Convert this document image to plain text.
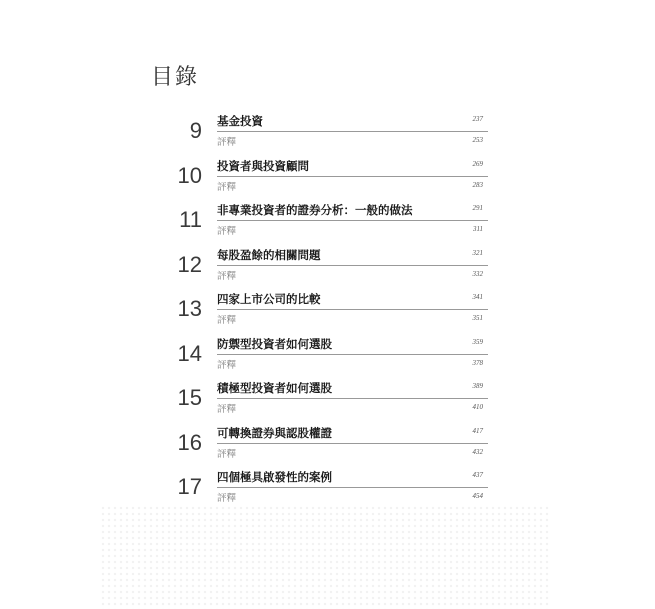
目錄
9 基金投資	237
評釋	253
10 投資者與投資顧問	269
評釋	283
11 非專業投資者的證券分析：一般的做法	291
評釋	311
12 每股盈餘的相關問題	321
評釋	332
13 四家上市公司的比較	341
評釋	351
14 防禦型投資者如何選股	359
評釋	378
15 積極型投資者如何選股	389
評釋	410
16 可轉換證券與認股權證	417
評釋	432
17 四個極具啟發性的案例	437
評釋	454
